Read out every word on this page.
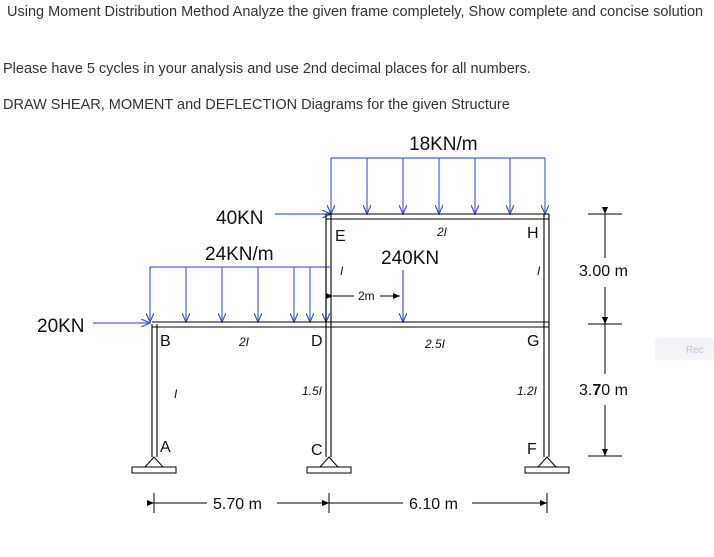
Using Moment Distribution Method Analyze the given frame completely, Show complete and concise solution

Please have 5 cycles in your analysis and use 2nd decimal places for all numbers.

DRAW SHEAR, MOMENT and DEFLECTION Diagrams for the given Structure

18KN/m
24KN/m
40KN
20KN
240KN
2m
B
A
D
C
E	H
G
F
2I
2I
2.5I
I	1.5I	1.2I
I	I
5.70 m	6.10 m
3.00 m
3.70 m
Rec
